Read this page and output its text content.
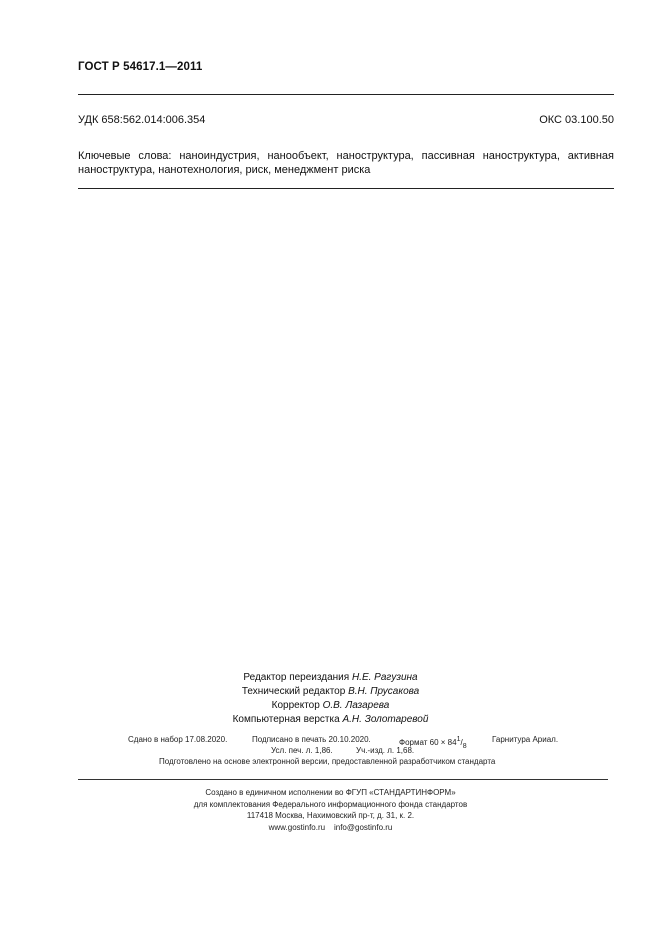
ГОСТ Р 54617.1—2011
УДК 658:562.014:006.354	ОКС 03.100.50
Ключевые слова: наноиндустрия, нанообъект, наноструктура, пассивная наноструктура, активная наноструктура, нанотехнология, риск, менеджмент риска
Редактор переиздания Н.Е. Рагузина
Технический редактор В.Н. Прусакова
Корректор О.В. Лазарева
Компьютерная верстка А.Н. Золотаревой
Сдано в набор 17.08.2020.	Подписано в печать 20.10.2020.	Формат $60 \times 84^1/_8$
Гарнитура Ариал.
Усл. печ. л. 1,86.	Уч.-изд. л. 1,68.
Подготовлено на основе электронной версии, предоставленной разработчиком стандарта
Создано в единичном исполнении во ФГУП «СТАНДАРТИНФОРМ»
для комплектования Федерального информационного фонда стандартов
117418 Москва, Нахимовский пр-т, д. 31, к. 2.
www.gostinfo.ru info@gostinfo.ru
